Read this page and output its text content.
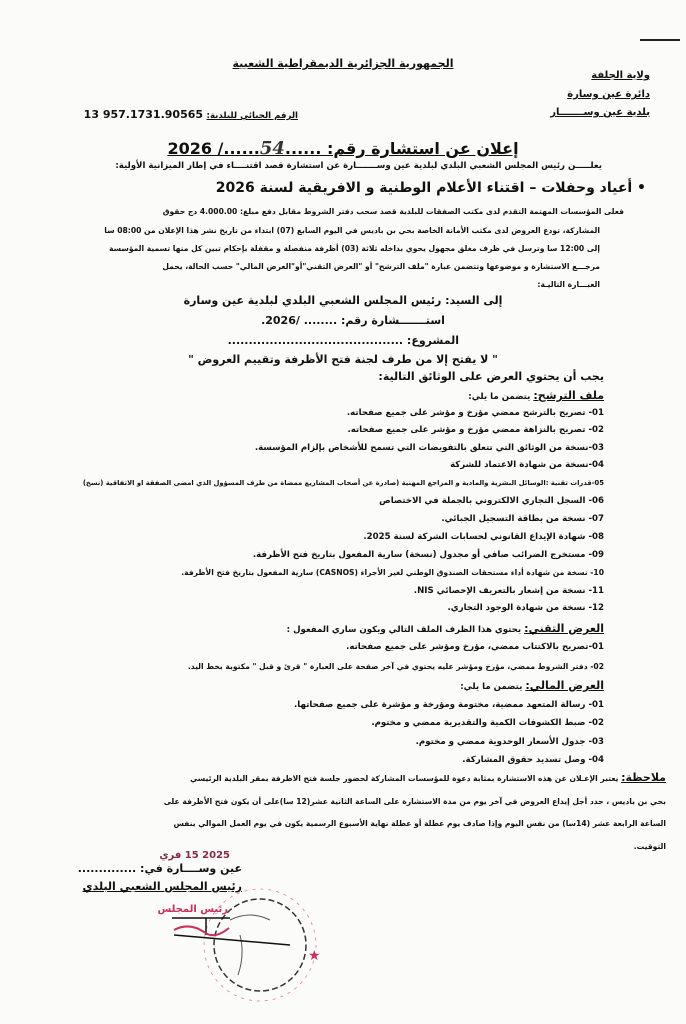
الجمهورية الجزائرية الديمقراطية الشعبية
ولاية الجلفة
دائرة عين وسارة
بلدية عين وســـــــار
الرقم الجبائي للبلدية: 957.1731.90565 13
إعلان عن استشارة رقم: ......54....../ 2026
يعلـــــن رئيس المجلس الشعبي البلدي لبلدية عين وســـــــارة عن استشارة قصد اقتنــــاء في إطار الميزانية الأولية:
• أعياد وحفلات – اقتناء الأعلام الوطنية و الافريقية لسنة 2026
فعلى المؤسسات المهتمة التقدم لدى مكتب الصفقات للبلدية قصد سحب دفتر الشروط مقابل دفع مبلغ: 4.000.00 دج حقوق
المشاركة، تودع العروض لدى مكتب الأمانة الخاصة بحي بن باديس في اليوم السابع (07) ابتداء من تاريخ نشر هذا الإعلان من 08:00 سا
إلى 12:00 سا وترسل في ظرف مغلق مجهول يحوي بداخله ثلاثة (03) أظرفة منفصلة و مقفلة بإحكام تبين كل منها تسمية المؤسسة
مرجـــع الاستشارة و موضوعها وتتضمن عبارة "ملف الترشح" أو "العرض التقني"أو"العرض المالي" حسب الحالة، يحمل
العبـــارة التاليـة:
إلى السيد: رئيس المجلس الشعبي البلدي لبلدية عين وسارة
استـــــــشارة رقم: ........ /2026.
المشروع: ..........................................
" لا يفتح إلا من طرف لجنة فتح الأظرفة وتقييم العروض "
يجب أن يحتوي العرض على الوثائق التالية:
ملف الترشح: يتضمن ما يلي:
01- تصريح بالترشح ممضي مؤرخ و مؤشر على جميع صفحاته.
02- تصريح بالنزاهة ممضي مؤرخ و مؤشر على جميع صفحاته.
03-نسخة من الوثائق التي تتعلق بالتفويضات التي تسمح للأشخاص بإلزام المؤسسة.
04-نسخة من شهادة الاعتماد للشركة
05-قدرات تقنية :الوسائل البشرية والمادية و المراجع المهنية (صادرة عن أصحاب المشاريع ممضاة من طرف المسؤول الذي امضى الصفقة او الاتفاقية (نسخ)
06- السجل التجاري الالكتروني بالجملة في الاختصاص
07- نسخة من بطاقة التسجيل الجبائي.
08- شهادة الإيداع القانوني لحسابات الشركة لسنة 2025.
09- مستخرج الضرائب صافي أو مجدول (نسخة) سارية المفعول بتاريخ فتح الأظرفة.
10- نسخة من شهادة أداء مستحقات الصندوق الوطني لغير الأجراء (CASNOS) سارية المفعول بتاريخ فتح الأظرفة.
11- نسخة من إشعار بالتعريف الإحصائي NIS.
12- نسخة من شهادة الوجود التجاري.
العرض التقني: يحتوي هذا الظرف الملف التالي ويكون ساري المفعول :
01-تصريح بالاكتتاب ممضي، مؤرخ ومؤشر على جميع صفحاته.
02- دفتر الشروط ممضي، مؤرخ ومؤشر عليه يحتوي في آخر صفحة على العبارة " قرئ و قبل " مكتوبة بخط اليد.
العرض المالي: يتضمن ما يلي:
01- رسالة المتعهد ممضية، مختومة ومؤرخة و مؤشرة على جميع صفحاتها.
02- ضبط الكشوفات الكمية والتقديرية ممضي و مختوم.
03- جدول الأسعار الوحدوية ممضي و مختوم.
04- وصل تسديد حقوق المشاركة.
ملاحظة: يعتبر الإعـلان عن هذه الاستشارة بمثابة دعوة للمؤسسات المشاركة لحضور جلسة فتح الاظرفة بمقر البلدية الرئيسي
بحي بن باديس ، حدد أجل إيداع العروض في آخر يوم من مدة الاستشارة على الساعة الثانية عشر(12 سا)على أن يكون فتح الأظرفة على
الساعة الرابعة عشر (14سا) من نفس اليوم وإذا صادف يوم عطلة أو عطلة نهاية الأسبوع الرسمية يكون في يوم العمل الموالي بنفس
التوقيت.
2025 15 فري
عين وســــارة في: ..............
رئيس المجلس الشعبي البلدي
★
رئيس المجلس
